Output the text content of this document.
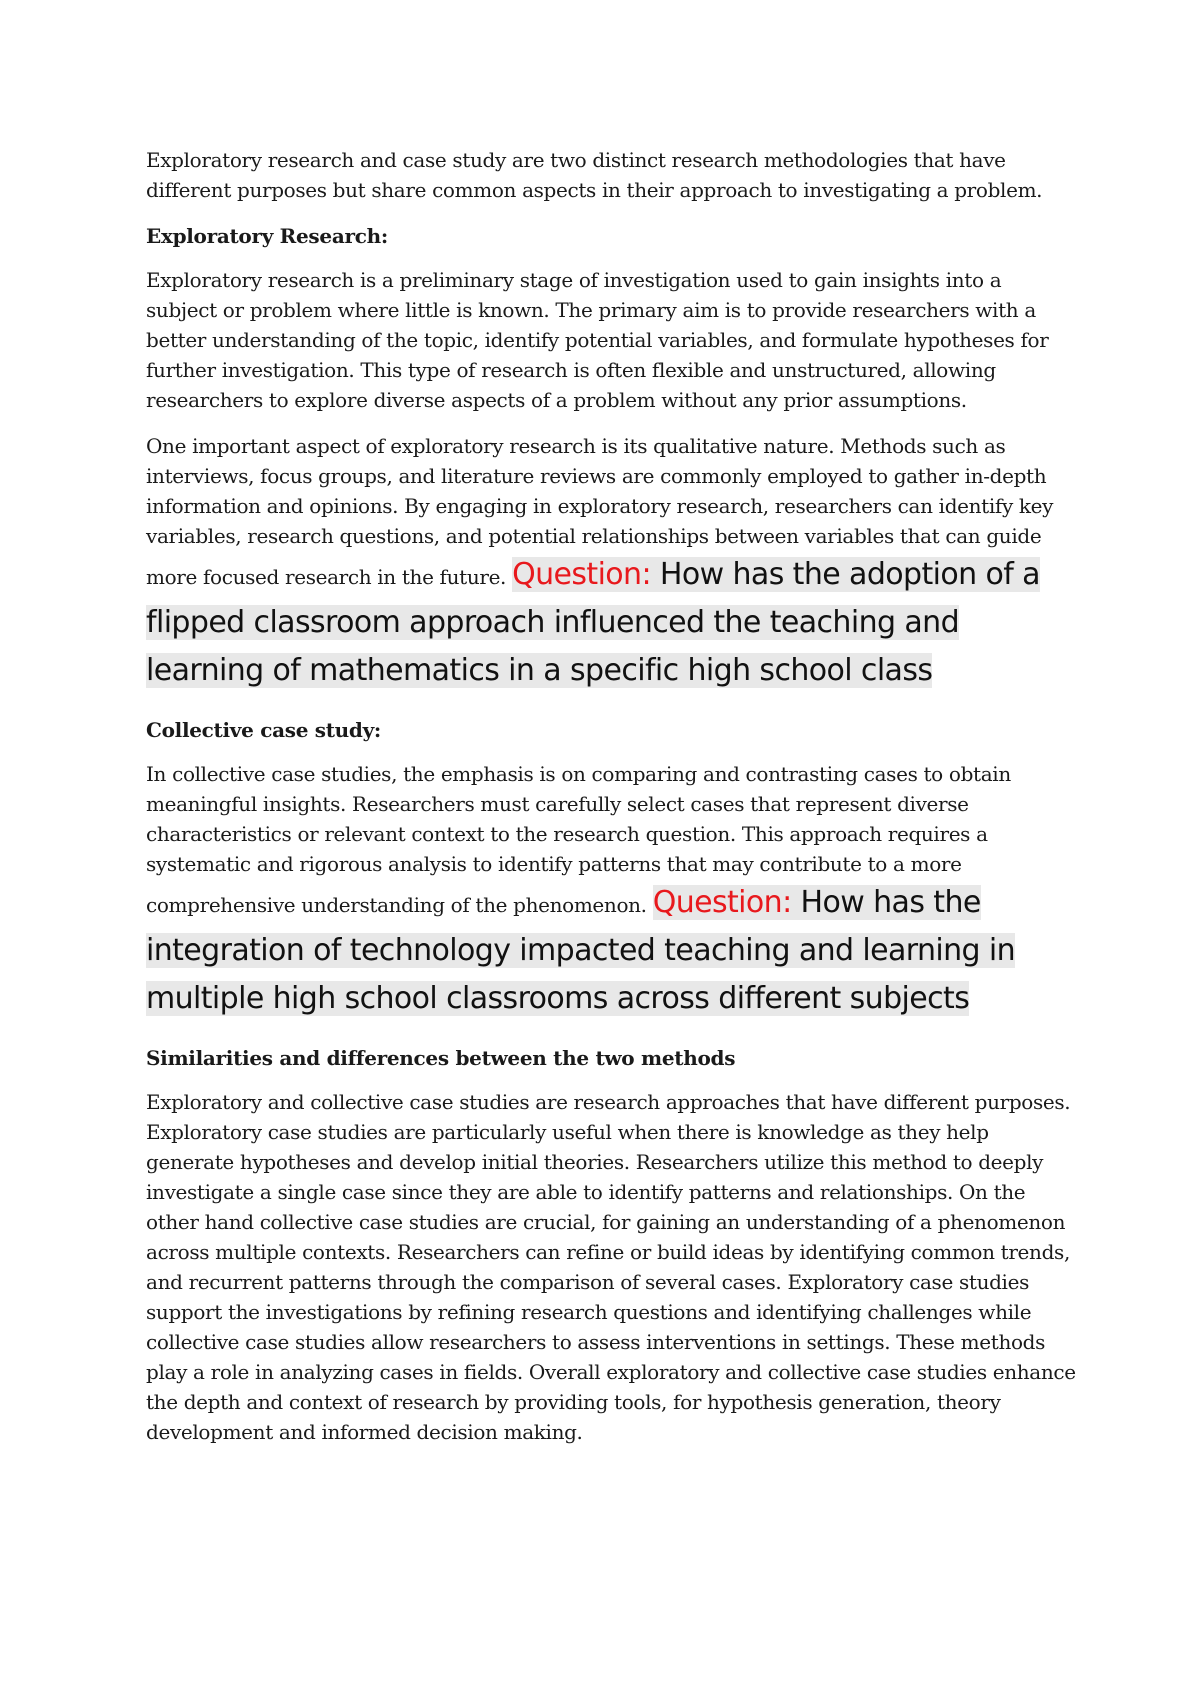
Exploratory research and case study are two distinct research methodologies that have different purposes but share common aspects in their approach to investigating a problem.

Exploratory Research:

Exploratory research is a preliminary stage of investigation used to gain insights into a subject or problem where little is known. The primary aim is to provide researchers with a better understanding of the topic, identify potential variables, and formulate hypotheses for further investigation. This type of research is often flexible and unstructured, allowing researchers to explore diverse aspects of a problem without any prior assumptions.

One important aspect of exploratory research is its qualitative nature. Methods such as interviews, focus groups, and literature reviews are commonly employed to gather in-depth information and opinions. By engaging in exploratory research, researchers can identify key variables, research questions, and potential relationships between variables that can guide more focused research in the future. Question: How has the adoption of a flipped classroom approach influenced the teaching and learning of mathematics in a specific high school class

Collective case study:

In collective case studies, the emphasis is on comparing and contrasting cases to obtain meaningful insights. Researchers must carefully select cases that represent diverse characteristics or relevant context to the research question. This approach requires a systematic and rigorous analysis to identify patterns that may contribute to a more comprehensive understanding of the phenomenon. Question: How has the integration of technology impacted teaching and learning in multiple high school classrooms across different subjects

Similarities and differences between the two methods

Exploratory and collective case studies are research approaches that have different purposes. Exploratory case studies are particularly useful when there is knowledge as they help generate hypotheses and develop initial theories. Researchers utilize this method to deeply investigate a single case since they are able to identify patterns and relationships. On the other hand collective case studies are crucial, for gaining an understanding of a phenomenon across multiple contexts. Researchers can refine or build ideas by identifying common trends, and recurrent patterns through the comparison of several cases. Exploratory case studies support the investigations by refining research questions and identifying challenges while collective case studies allow researchers to assess interventions in settings. These methods play a role in analyzing cases in fields. Overall exploratory and collective case studies enhance the depth and context of research by providing tools, for hypothesis generation, theory development and informed decision making.
